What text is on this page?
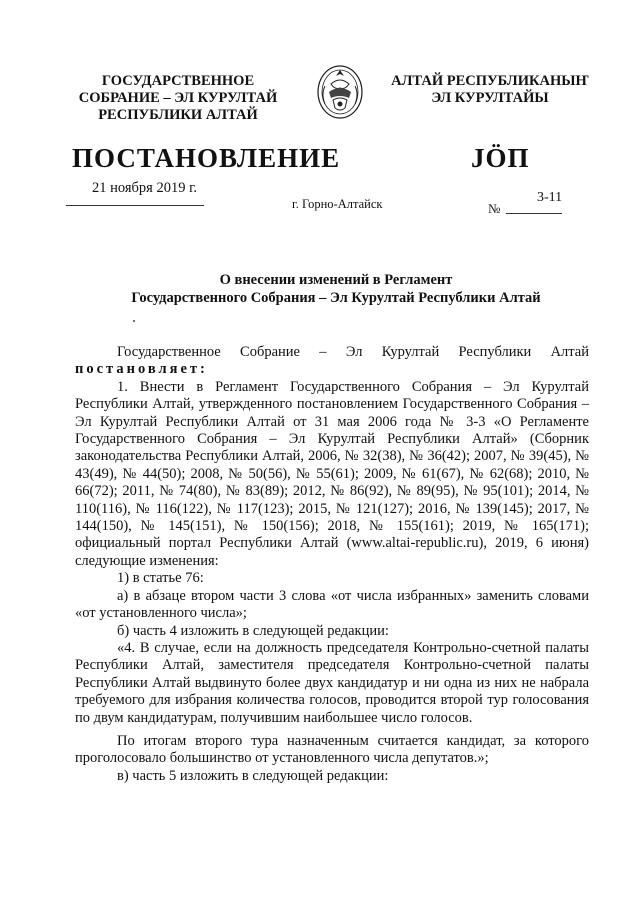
ГОСУДАРСТВЕННОЕ
СОБРАНИЕ – ЭЛ КУРУЛТАЙ
РЕСПУБЛИКИ АЛТАЙ
АЛТАЙ РЕСПУБЛИКАНЫҤ
ЭЛ КУРУЛТАЙЫ
ПОСТАНОВЛЕНИЕ	JÖП
21 ноября 2019 г.
г. Горно-Алтайск	3-11
№
О внесении изменений в Регламент
Государственного Собрания – Эл Курултай Республики Алтай

Государственное Собрание – Эл Курултай Республики Алтай

постановляет:

1. Внести в Регламент Государственного Собрания – Эл Курултай Республики Алтай, утвержденного постановлением Государственного Собрания – Эл Курултай Республики Алтай от 31 мая 2006 года № 3-3 «О Регламенте Государственного Собрания – Эл Курултай Республики Алтай» (Сборник законодательства Республики Алтай, 2006, № 32(38), № 36(42); 2007, № 39(45), № 43(49), № 44(50); 2008, № 50(56), № 55(61); 2009, № 61(67), № 62(68); 2010, № 66(72); 2011, № 74(80), № 83(89); 2012, № 86(92), № 89(95), № 95(101); 2014, № 110(116), № 116(122), № 117(123); 2015, № 121(127); 2016, № 139(145); 2017, № 144(150), № 145(151), № 150(156); 2018, № 155(161); 2019, № 165(171); официальный портал Республики Алтай (www.altai-republic.ru), 2019, 6 июня) следующие изменения:

1) в статье 76:

а) в абзаце втором части 3 слова «от числа избранных» заменить словами «от установленного числа»;

б) часть 4 изложить в следующей редакции:

«4. В случае, если на должность председателя Контрольно-счетной палаты Республики Алтай, заместителя председателя Контрольно-счетной палаты Республики Алтай выдвинуто более двух кандидатур и ни одна из них не набрала требуемого для избрания количества голосов, проводится второй тур голосования по двум кандидатурам, получившим наибольшее число голосов.

По итогам второго тура назначенным считается кандидат, за которого проголосовало большинство от установленного числа депутатов.»;

в) часть 5 изложить в следующей редакции:
